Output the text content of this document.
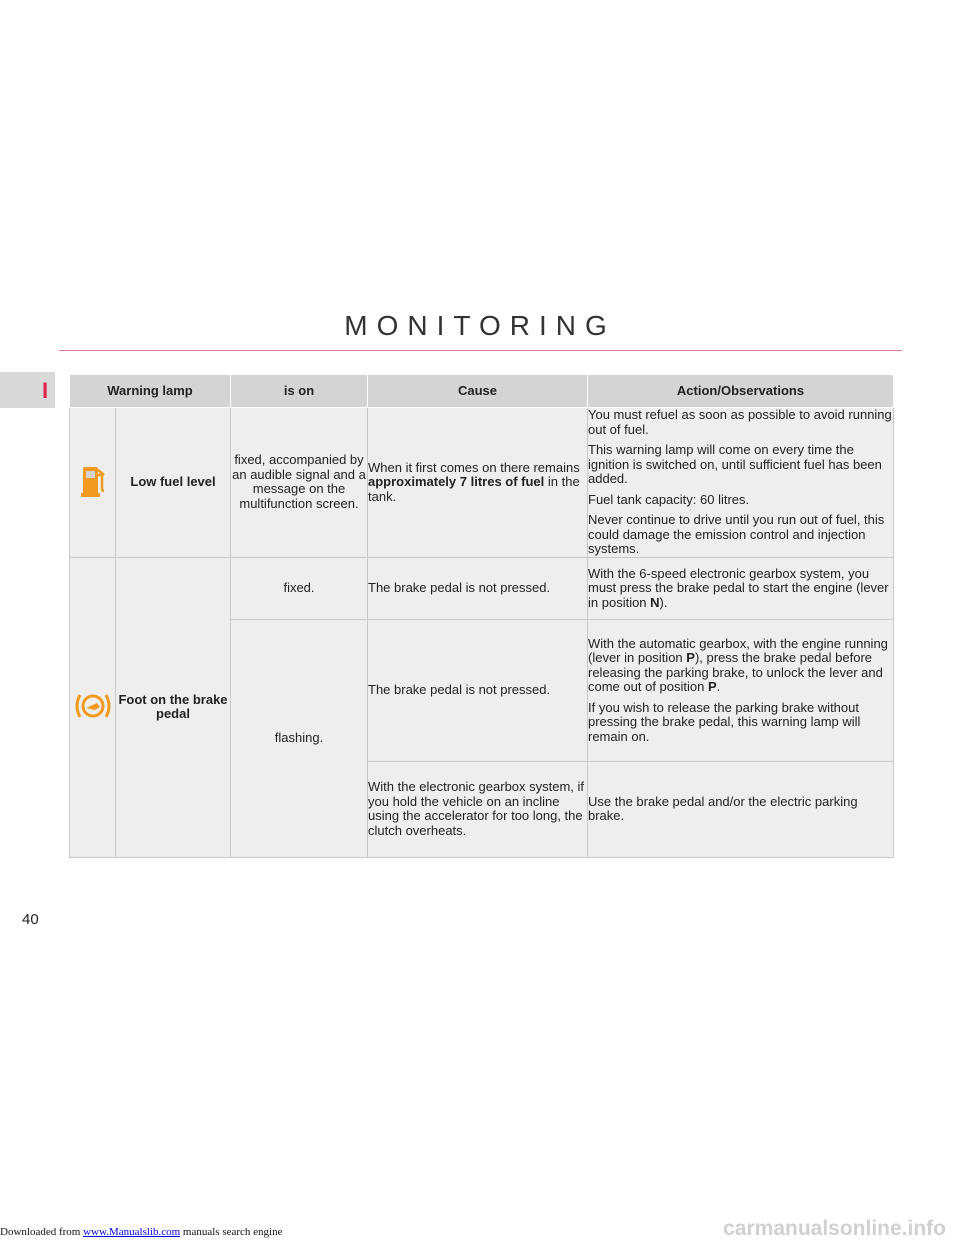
Downloaded from www.Manualslib.com manuals search engine
I
MONITORING
Warning lamp		is on	Cause	Action/Observations
	Low fuel level	fixed, accompanied by an audible signal and a message on the multifunction screen.	When it first comes on there remains approximately 7 litres of fuel in the tank.	You must refuel as soon as possible to avoid running out of fuel.

This warning lamp will come on every time the ignition is switched on, until sufficient fuel has been added.

Fuel tank capacity: 60 litres.

Never continue to drive until you run out of fuel, this could damage the emission control and injection systems.

	Foot on the brake pedal	fixed.	The brake pedal is not pressed.	With the 6-speed electronic gearbox system, you must press the brake pedal to start the engine (lever in position N).
		flashing.	The brake pedal is not pressed.	With the automatic gearbox, with the engine running (lever in position P), press the brake pedal before releasing the parking brake, to unlock the lever and come out of position P.

If you wish to release the parking brake without pressing the brake pedal, this warning lamp will remain on.

			With the electronic gearbox system, if you hold the vehicle on an incline using the accelerator for too long, the clutch overheats.	Use the brake pedal and/or the electric parking brake.
40
carmanualsonline.info
